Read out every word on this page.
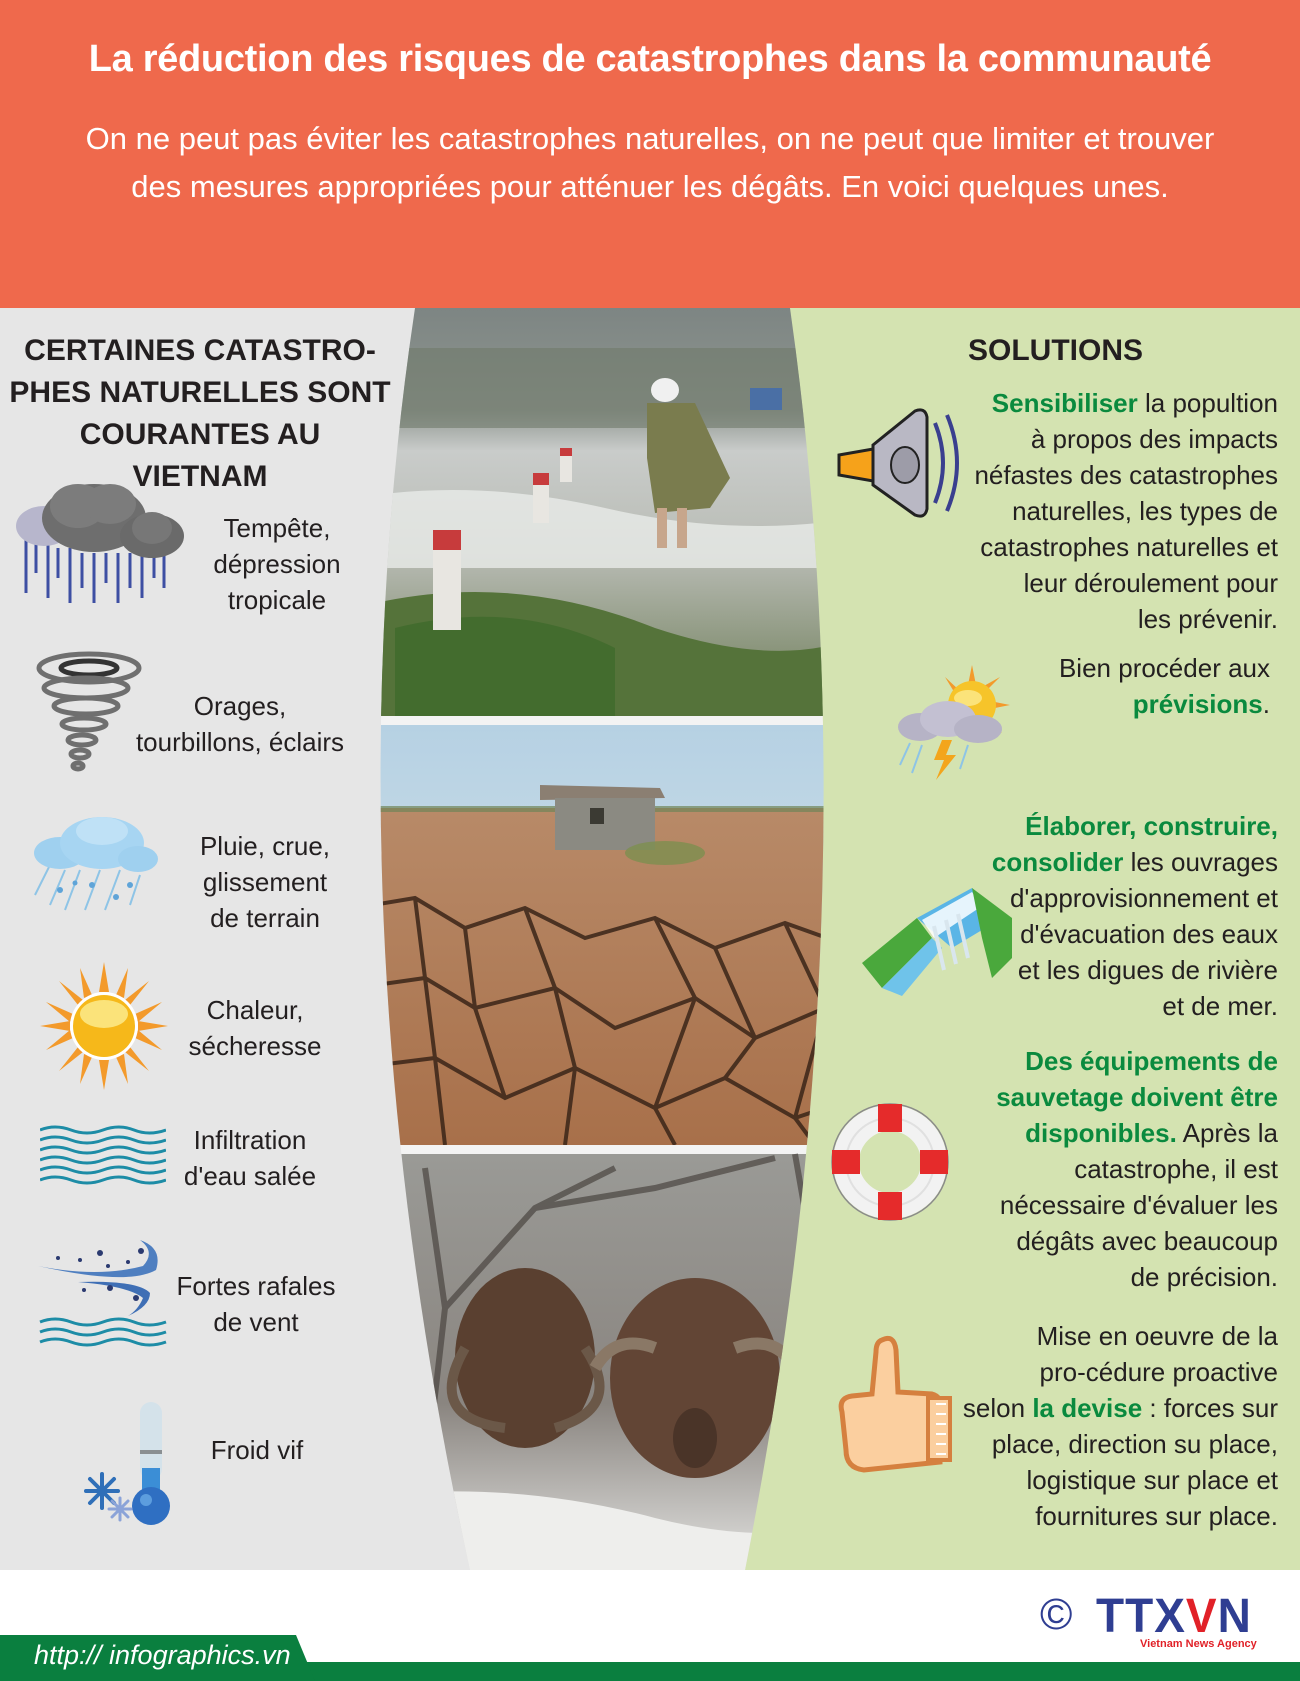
La réduction des risques de catastrophes dans la communauté
On ne peut pas éviter les catastrophes naturelles, on ne peut que limiter et trouver des mesures appropriées pour atténuer les dégâts. En voici quelques unes.
CERTAINES CATASTRO-
PHES NATURELLES SONT
COURANTES AU
VIETNAM
Tempête,
dépression
tropicale
Orages,
tourbillons, éclairs
Pluie, crue,
glissement
de terrain
Chaleur,
sécheresse
Infiltration
d'eau salée
Fortes rafales
de vent
Froid vif
SOLUTIONS
Sensibiliser la popultion
à propos des impacts
néfastes des catastrophes
naturelles, les types de
catastrophes naturelles et
leur déroulement pour
les prévenir.
Bien procéder aux
prévisions.
Élaborer, construire,
consolider les ouvrages
d'approvisionnement et
d'évacuation des eaux
et les digues de rivière
et de mer.
Des équipements de
sauvetage doivent être
disponibles. Après la
catastrophe, il est
nécessaire d'évaluer les
dégâts avec beaucoup
de précision.
Mise en oeuvre de la
pro-cédure proactive
selon la devise : forces sur
place, direction su place,
logistique sur place et
fournitures sur place.
http:// infographics.vn
© TTXVN
Vietnam News Agency
